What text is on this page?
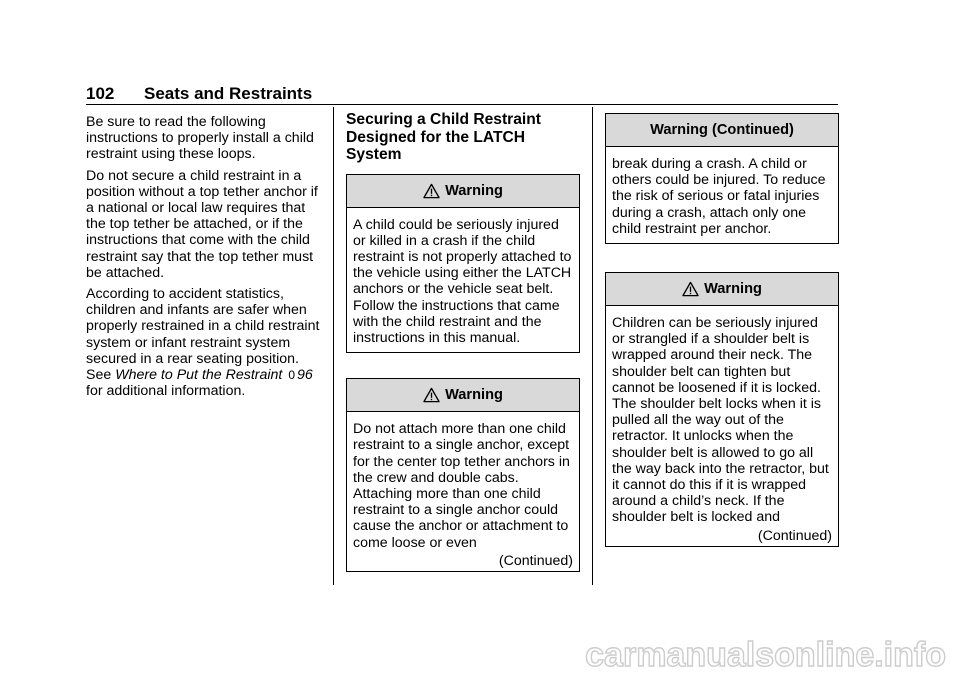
102 Seats and Restraints

Be sure to read the following instructions to properly install a child restraint using these loops.

Do not secure a child restraint in a position without a top tether anchor if a national or local law requires that the top tether be attached, or if the instructions that come with the child restraint say that the top tether must be attached.

According to accident statistics, children and infants are safer when properly restrained in a child restraint system or infant restraint system secured in a rear seating position. See Where to Put the Restraint 0 96 for additional information.

Securing a Child Restraint Designed for the LATCH System
Warning
A child could be seriously injured or killed in a crash if the child restraint is not properly attached to the vehicle using either the LATCH anchors or the vehicle seat belt. Follow the instructions that came with the child restraint and the instructions in this manual.
Warning
Do not attach more than one child restraint to a single anchor, except for the center top tether anchors in the crew and double cabs. Attaching more than one child restraint to a single anchor could cause the anchor or attachment to come loose or even
(Continued)
Warning (Continued)
break during a crash. A child or others could be injured. To reduce the risk of serious or fatal injuries during a crash, attach only one child restraint per anchor.
Warning
Children can be seriously injured or strangled if a shoulder belt is wrapped around their neck. The shoulder belt can tighten but cannot be loosened if it is locked. The shoulder belt locks when it is pulled all the way out of the retractor. It unlocks when the shoulder belt is allowed to go all the way back into the retractor, but it cannot do this if it is wrapped around a child’s neck. If the shoulder belt is locked and
(Continued)
carmanualsonline.info
